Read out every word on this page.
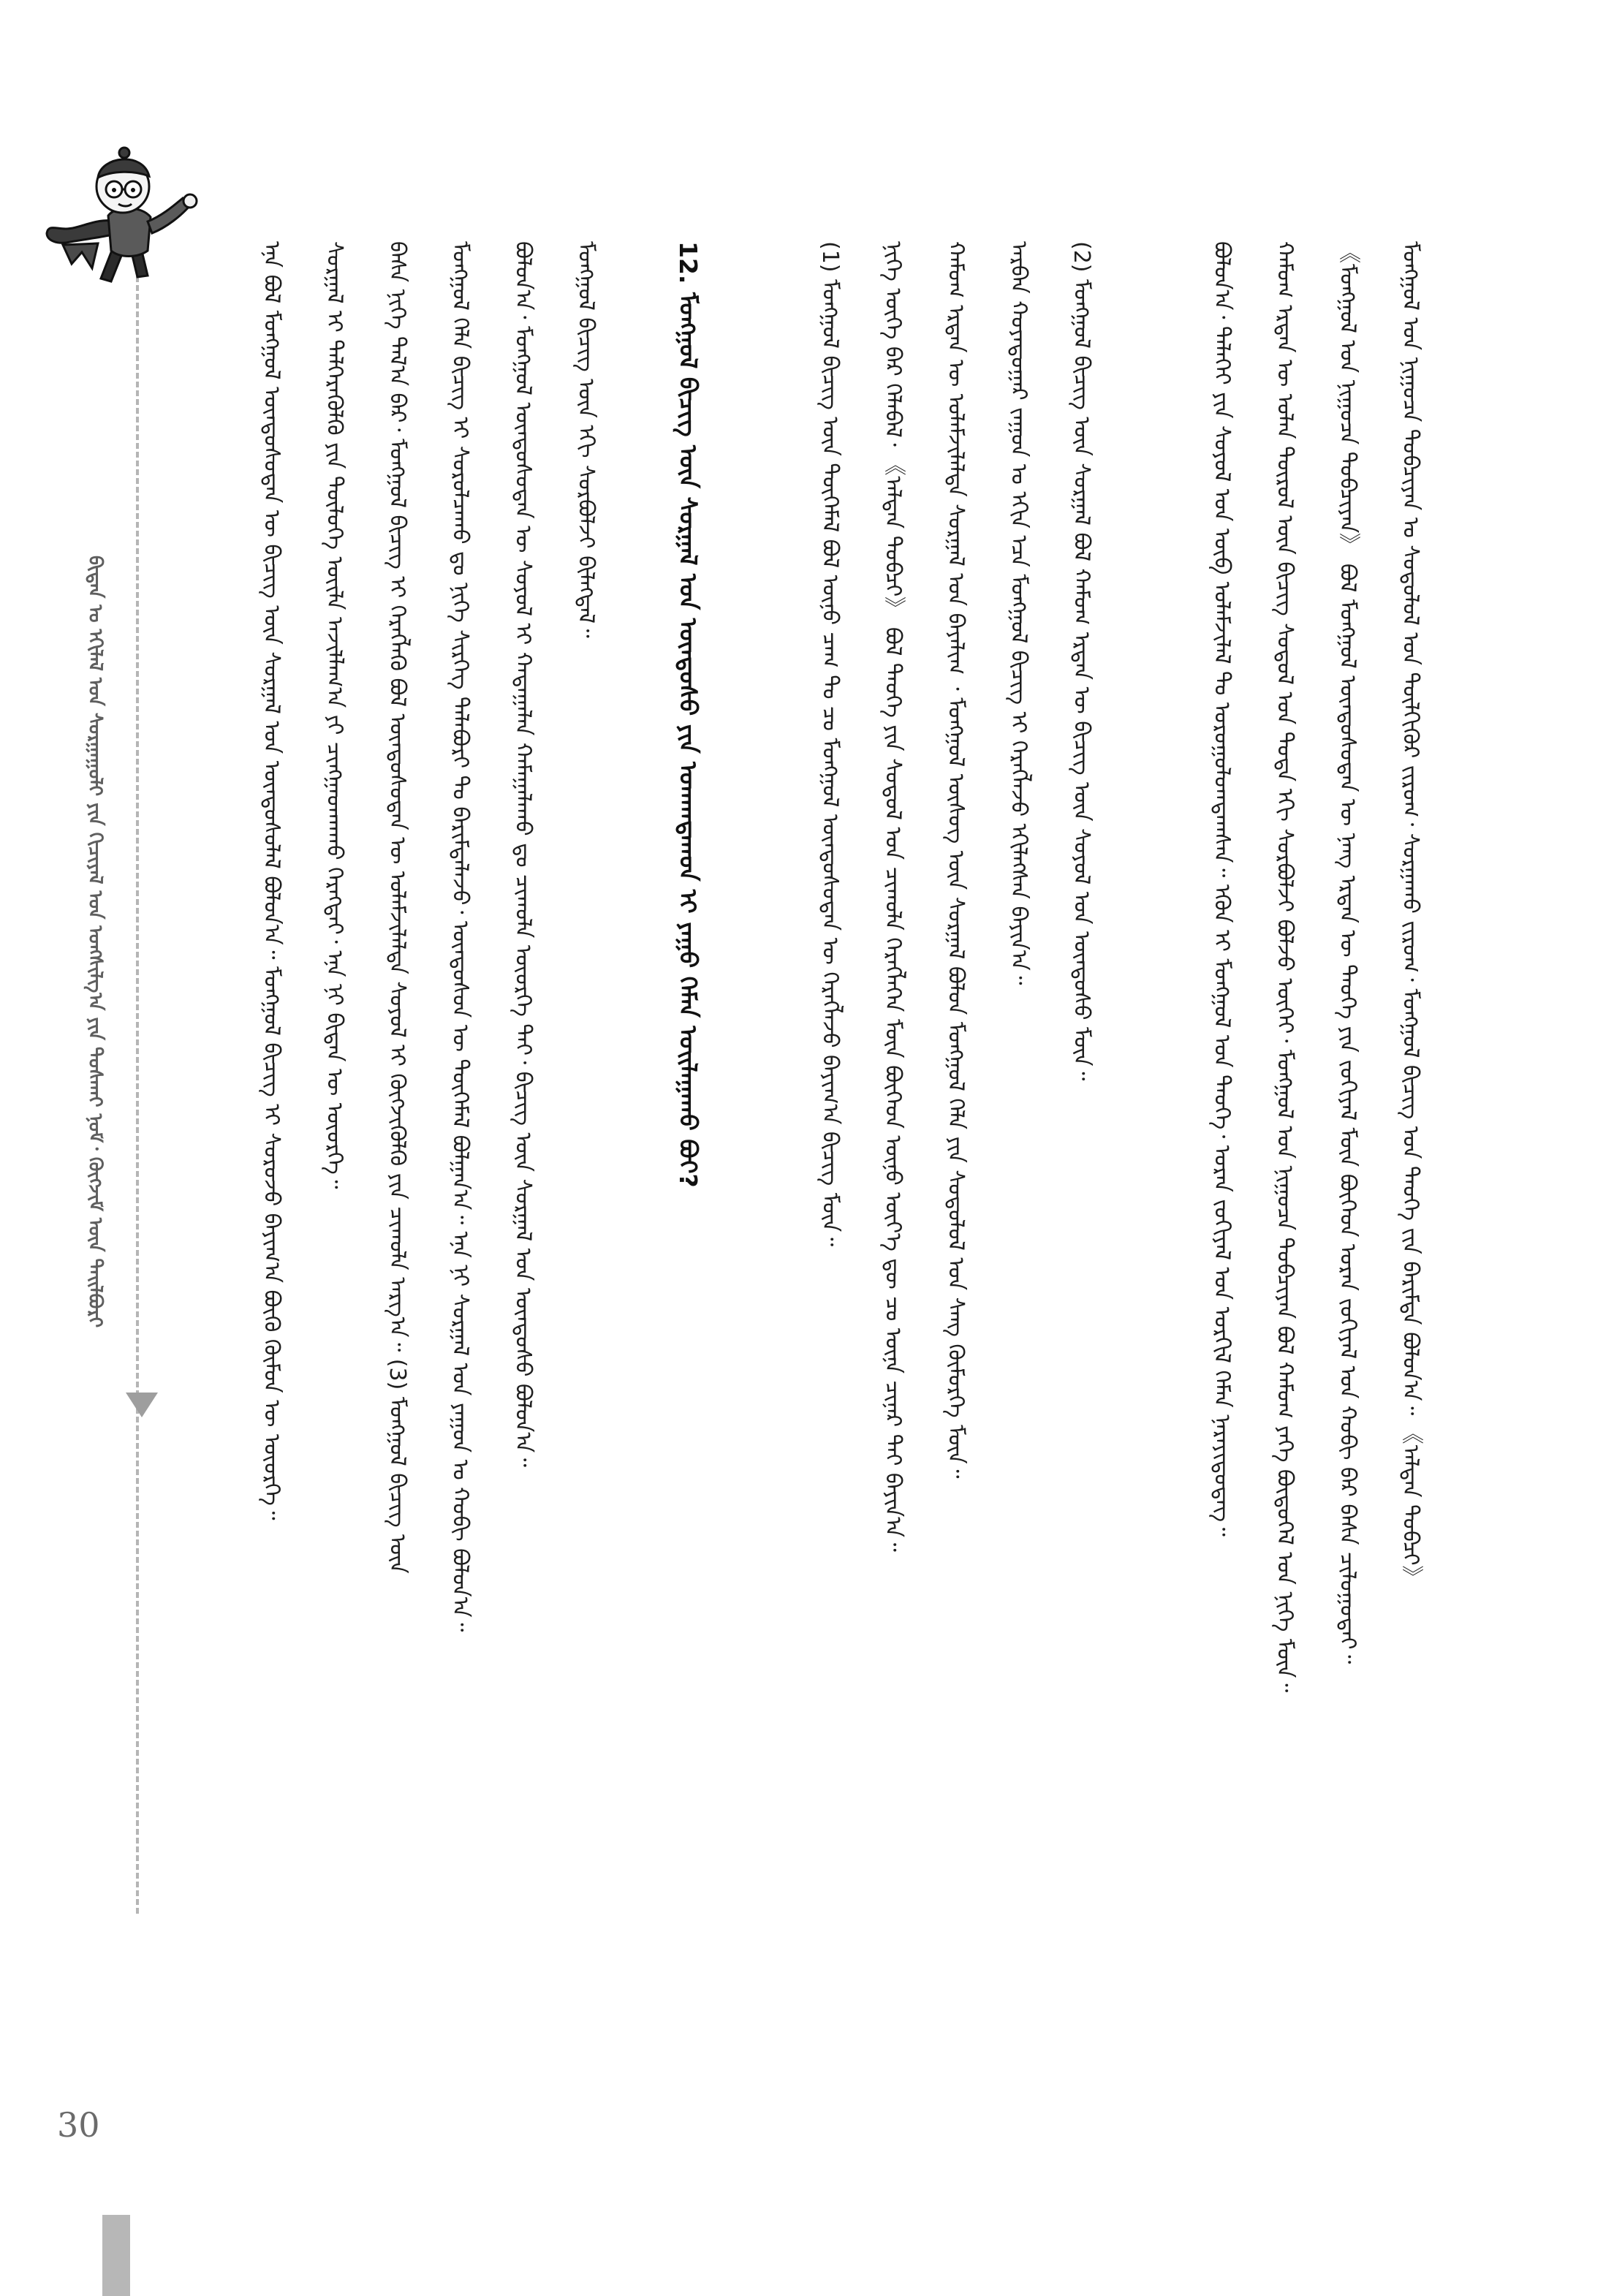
ᠪᠢᠳᠡᠨ ᠤ ᠡᠬᠢᠯᠡᠯ ᠤᠨ ᠰᠤᠷᠭᠠᠭᠤᠯᠢ ᠶᠢᠨ ᠬᠢᠴᠢᠶᠡᠯ ᠤᠨ ᠤᠩᠰᠢᠯᠭ᠎ᠠ ᠶᠢᠨ ᠲᠤᠰᠬᠠᠢ ᠨᠣᠮ᠂ ᠬᠥᠭᠵᠢᠮ ᠦᠨ ᠲᠠᠢᠯᠪᠤᠷᠢ	ᠮᠣᠩᠭᠣᠯ ᠤᠨ ᠨᠢᠭᠤᠴᠠ ᠲᠣᠪᠴᠢᠶᠠᠨ ᠤ ᠰᠤᠳᠤᠯᠤᠯ ᠤᠨ ᠲᠦᠯᠬᠢᠭᠦᠷ ᠵᠢᠷᠤᠭ᠂ ᠰᠤᠷᠭᠠᠬᠤ ᠵᠢᠷᠤᠭ᠂ ᠮᠣᠩᠭᠣᠯ ᠪᠢᠴᠢᠭ ᠤᠨ ᠲᠡᠦᠬᠡ ᠵᠢᠨ ᠪᠠᠷᠢᠮᠲᠠ ᠪᠣᠯᠤᠨ᠎ᠠ᠃ 《ᠠᠯᠲᠠᠨ ᠲᠣᠪᠴᠢ》
《ᠮᠣᠩᠭᠣᠯ ᠤᠨ ᠨᠢᠭᠤᠴᠠ ᠲᠣᠪᠴᠢᠶᠠᠨ》 ᠪᠣᠯ ᠮᠣᠩᠭᠣᠯ ᠦᠨᠳᠦᠰᠦᠲᠡᠨ ᠦ ᠨᠡᠩ ᠡᠷᠲᠡᠨ ᠦ ᠲᠡᠦᠬᠡ ᠶᠢᠨ ᠵᠣᠬᠢᠶᠠᠯ ᠮᠥᠨ ᠪᠥᠭᠡᠳ ᠤᠷᠠᠨ ᠵᠣᠬᠢᠶᠠᠯ ᠤᠨ ᠬᠤᠪᠢ ᠪᠡᠷ ᠪᠠᠰᠠ ᠴᠢᠯᠤᠭᠤᠲᠠᠢ᠃
ᠬᠠᠮᠤᠭ ᠡᠷᠲᠡᠨ ᠦ ᠣᠯᠠᠨ ᠲᠥᠷᠦᠯ ᠦᠨ ᠪᠢᠴᠢᠭ ᠰᠤᠳᠤᠯ ᠤᠨ ᠳᠤᠳᠠ ᠡᠬᠢ ᠰᠤᠷᠪᠤᠯᠵᠢ ᠪᠣᠯᠵᠤ ᠦᠭᠡᠢ᠂ ᠮᠣᠩᠭᠣᠯ ᠤᠨ ᠨᠢᠭᠤᠴᠠ ᠲᠣᠪᠴᠢᠶᠠᠨ ᠪᠣᠯ ᠬᠠᠮᠤᠭ ᠶᠡᠬᠡ ᠪᠦᠲᠦᠭᠡᠯ ᠤᠨ ᠨᠢᠭᠡ ᠮᠥᠨ᠃
ᠪᠣᠯᠤᠨ᠎ᠠ᠂ ᠳᠡᠯᠡᠬᠡᠢ ᠶᠢᠨ ᠰᠣᠶᠣᠯ ᠤᠨ ᠥᠪ ᠤᠯᠠᠮᠵᠢᠯᠠᠯ ᠲᠤ ᠣᠷᠤᠭᠤᠯᠤᠭᠳᠠᠭᠰᠠᠨ᠃ ᠡᠭᠦᠨ ᠢ ᠮᠣᠩᠭᠣᠯ ᠤᠨ ᠲᠡᠦᠬᠡ᠂ ᠤᠷᠠᠨ ᠵᠣᠬᠢᠶᠠᠯ ᠤᠨ ᠣᠷᠭᠢᠯ ᠬᠡᠮᠡᠨ ᠨᠡᠷᠡᠶᠢᠳᠦᠳᠡᠭ᠃
(2) ᠮᠣᠩᠭᠣᠯ ᠪᠢᠴᠢᠭ ᠦᠨ ᠰᠤᠷᠭᠠᠯ ᠪᠣᠯ ᠬᠠᠮᠤᠭ ᠡᠷᠲᠡᠨ ᠦ ᠪᠢᠴᠢᠭ ᠦᠨ ᠰᠣᠶᠣᠯ ᠤᠨ ᠦᠨᠳᠦᠰᠦ ᠮᠥᠨ᠃
ᠠᠷᠪᠠᠨ ᠬᠣᠶᠠᠳᠤᠭᠠᠷ ᠵᠠᠭᠤᠨ ᠤ ᠡᠬᠢᠨ ᠡᠴᠡ ᠮᠣᠩᠭᠣᠯ ᠪᠢᠴᠢᠭ ᠢ ᠬᠡᠷᠡᠭᠯᠡᠵᠦ ᠡᠬᠢᠯᠡᠭᠰᠡᠨ ᠪᠠᠶᠢᠨ᠎ᠠ᠃
ᠬᠠᠮᠤᠭ ᠡᠷᠲᠡᠨ ᠦ ᠤᠯᠠᠮᠵᠢᠯᠠᠯᠲᠠ ᠰᠤᠷᠭᠠᠯ ᠤᠨ ᠪᠠᠶᠠᠯᠢᠭ ᠂ ᠮᠣᠩᠭᠣᠯ ᠦᠰᠦᠭ ᠦᠨ ᠰᠤᠷᠭᠠᠯ ᠪᠣᠯᠤᠨ ᠮᠣᠩᠭᠣᠯ ᠬᠡᠯᠡ ᠶᠢᠨ ᠰᠤᠳᠤᠯᠤᠯ ᠤᠨ ᠰᠠᠩ ᠬᠥᠮᠥᠷᠭᠡ ᠮᠥᠨ᠃
ᠨᠢᠭᠡ ᠦᠭᠡ ᠪᠡᠷ ᠬᠡᠯᠡᠪᠡᠯ᠂ 《ᠠᠯᠲᠠᠨ ᠲᠣᠪᠴᠢ》 ᠪᠣᠯ ᠲᠡᠦᠬᠡ ᠶᠢᠨ ᠰᠤᠳᠤᠯ ᠤᠨ ᠴᠢᠬᠤᠯᠠ ᠬᠡᠷᠡᠭᠯᠡᠭᠡᠨ ᠮᠥᠨ ᠪᠥᠭᠡᠳ ᠥᠨᠥ ᠦᠶ᠎ᠡ ᠳᠦ ᠴᠤ ᠦᠨᠡ ᠴᠢᠨᠠᠷ ᠲᠠᠶ ᠪᠠᠶᠢᠨ᠎ᠠ᠃
(1) ᠮᠣᠩᠭᠣᠯ ᠪᠢᠴᠢᠭ ᠦᠨ ᠲᠦᠭᠡᠮᠡᠯ ᠪᠣᠯ ᠥᠨᠥ ᠴᠠᠭ ᠲᠤ ᠴᠤ ᠮᠣᠩᠭᠣᠯ ᠦᠨᠳᠦᠰᠦᠲᠡᠨ ᠦ ᠬᠡᠷᠡᠭᠯᠡᠵᠦ ᠪᠠᠶᠢᠭ᠎ᠠ ᠪᠢᠴᠢᠭ ᠮᠥᠨ᠃
12. ᠮᠣᠩᠭᠣᠯ ᠪᠢᠴᠢᠭ ᠦᠨ ᠰᠤᠷᠭᠠᠯ ᠤᠨ ᠦᠨᠳᠦᠰᠦ ᠶᠢᠨ ᠤᠬᠠᠭᠳᠠᠬᠤᠨ ᠢ ᠶᠠᠭᠤ ᠬᠡᠮᠡᠨ ᠣᠢᠯᠠᠭᠠᠬᠤ ᠪᠤᠢ?
ᠮᠣᠩᠭᠣᠯ ᠪᠢᠴᠢᠭ ᠦᠨ ᠡᠬᠢ ᠰᠤᠷᠪᠤᠯᠵᠢ ᠪᠢᠯᠡᠭᠳᠡᠯ᠃
ᠪᠣᠯᠤᠨ᠎ᠠ᠂ ᠮᠣᠩᠭᠣᠯ ᠦᠨᠳᠦᠰᠦᠲᠡᠨ ᠦ ᠰᠣᠶᠣᠯ ᠢ ᠬᠠᠳᠠᠭᠠᠯᠠᠨ ᠬᠠᠮᠠᠭᠠᠯᠠᠬᠤ ᠳᠤ ᠴᠢᠬᠤᠯᠠ ᠦᠦᠷᠭᠡ ᠲᠠᠶ᠂ ᠪᠢᠴᠢᠭ ᠦᠨ ᠰᠤᠷᠭᠠᠯ ᠤᠨ ᠦᠨᠳᠦᠰᠦ ᠪᠣᠯᠤᠨ᠎ᠠ᠃
ᠮᠣᠩᠭᠣᠯ ᠬᠡᠯᠡ ᠪᠢᠴᠢᠭ ᠢ ᠰᠤᠷᠤᠯᠴᠠᠬᠤ ᠳᠤ ᠨᠢᠭᠡ ᠰᠢᠷᠬᠡᠭ ᠲᠡᠯᠡᠪᠦᠷᠢ ᠲᠤ ᠪᠠᠷᠢᠮᠲᠠᠯᠠᠵᠤ᠂ ᠦᠨᠳᠦᠰᠦᠨ ᠦ ᠲᠦᠭᠡᠮᠡᠯ ᠪᠣᠯᠭᠠᠨ᠎ᠠ᠃ ᠡᠨᠡ ᠨᠢ ᠰᠤᠷᠭᠠᠯ ᠤᠨ ᠶᠠᠭᠤᠨ ᠤ ᠬᠤᠪᠢ ᠪᠣᠯᠤᠨ᠎ᠠ᠃
ᠪᠠᠰᠠ ᠨᠢᠭᠡ ᠲᠠᠯ᠎ᠠ ᠪᠡᠷ᠂ ᠮᠣᠩᠭᠣᠯ ᠪᠢᠴᠢᠭ ᠢ ᠬᠡᠷᠡᠭᠯᠡᠬᠦ ᠪᠣᠯ ᠦᠨᠳᠦᠰᠦᠲᠡᠨ ᠦ ᠤᠯᠠᠮᠵᠢᠯᠠᠯᠲᠠ ᠰᠣᠶᠣᠯ ᠢ ᠬᠥᠭᠵᠢᠭᠦᠯᠬᠦ ᠶᠢᠨ ᠴᠢᠬᠤᠯᠠ ᠠᠷᠭ᠎ᠠ᠃ (3) ᠮᠣᠩᠭᠣᠯ ᠪᠢᠴᠢᠭ ᠦᠨ
ᠰᠤᠷᠭᠠᠯ ᠢ ᠳᠡᠯᠭᠡᠷᠡᠭᠦᠯᠬᠦ ᠶᠢᠨ ᠲᠥᠯᠥᠭᠡ ᠦᠢᠯᠡ ᠠᠵᠢᠯᠯᠠᠭ᠎ᠠ ᠶᠢ ᠴᠢᠩᠭᠠᠳᠬᠠᠬᠤ ᠬᠡᠷᠡᠭᠲᠡᠢ᠂ ᠡᠨᠡ ᠨᠢ ᠪᠢᠳᠡᠨ ᠦ ᠦᠦᠷᠭᠡ᠃
ᠡᠨᠡ ᠪᠣᠯ ᠮᠣᠩᠭᠣᠯ ᠦᠨᠳᠦᠰᠦᠲᠡᠨ ᠦ ᠪᠢᠴᠢᠭ ᠦᠨ ᠰᠤᠷᠭᠠᠯ ᠤᠨ ᠦᠨᠳᠦᠰᠦᠯᠡᠯ ᠪᠣᠯᠤᠨ᠎ᠠ᠃ ᠮᠣᠩᠭᠣᠯ ᠪᠢᠴᠢᠭ ᠢ ᠰᠤᠷᠤᠵᠤ ᠪᠠᠶᠢᠭ᠎ᠠ ᠪᠦᠬᠦ ᠬᠦᠮᠦᠨ ᠦ ᠦᠦᠷᠭᠡ᠃
30
